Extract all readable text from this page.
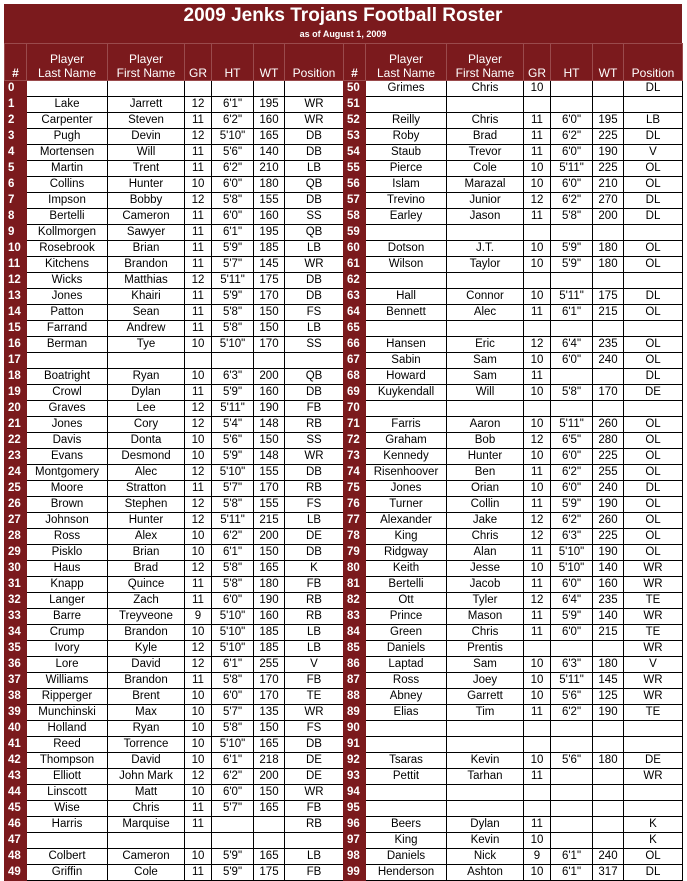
2009 Jenks Trojans Football Roster
as of August 1, 2009
#	Player
Last Name	Player
First Name	GR	HT	WT	Position
0						
1	Lake	Jarrett	12	6'1"	195	WR
2	Carpenter	Steven	11	6'2"	160	WR
3	Pugh	Devin	12	5'10"	165	DB
4	Mortensen	Will	11	5'6"	140	DB
5	Martin	Trent	11	6'2"	210	LB
6	Collins	Hunter	10	6'0"	180	QB
7	Impson	Bobby	12	5'8"	155	DB
8	Bertelli	Cameron	11	6'0"	160	SS
9	Kollmorgen	Sawyer	11	6'1"	195	QB
10	Rosebrook	Brian	11	5'9"	185	LB
11	Kitchens	Brandon	11	5'7"	145	WR
12	Wicks	Matthias	12	5'11"	175	DB
13	Jones	Khairi	11	5'9"	170	DB
14	Patton	Sean	11	5'8"	150	FS
15	Farrand	Andrew	11	5'8"	150	LB
16	Berman	Tye	10	5'10"	170	SS
17						
18	Boatright	Ryan	10	6'3"	200	QB
19	Crowl	Dylan	11	5'9"	160	DB
20	Graves	Lee	12	5'11"	190	FB
21	Jones	Cory	12	5'4"	148	RB
22	Davis	Donta	10	5'6"	150	SS
23	Evans	Desmond	10	5'9"	148	WR
24	Montgomery	Alec	12	5'10"	155	DB
25	Moore	Stratton	11	5'7"	170	RB
26	Brown	Stephen	12	5'8"	155	FS
27	Johnson	Hunter	12	5'11"	215	LB
28	Ross	Alex	10	6'2"	200	DE
29	Pisklo	Brian	10	6'1"	150	DB
30	Haus	Brad	12	5'8"	165	K
31	Knapp	Quince	11	5'8"	180	FB
32	Langer	Zach	11	6'0"	190	RB
33	Barre	Treyveone	9	5'10"	160	RB
34	Crump	Brandon	10	5'10"	185	LB
35	Ivory	Kyle	12	5'10"	185	LB
36	Lore	David	12	6'1"	255	V
37	Williams	Brandon	11	5'8"	170	FB
38	Ripperger	Brent	10	6'0"	170	TE
39	Munchinski	Max	10	5'7"	135	WR
40	Holland	Ryan	10	5'8"	150	FS
41	Reed	Torrence	10	5'10"	165	DB
42	Thompson	David	10	6'1"	218	DE
43	Elliott	John Mark	12	6'2"	200	DE
44	Linscott	Matt	10	6'0"	150	WR
45	Wise	Chris	11	5'7"	165	FB
46	Harris	Marquise	11			RB
47						
48	Colbert	Cameron	10	5'9"	165	LB
49	Griffin	Cole	11	5'9"	175	FB
#	Player
Last Name	Player
First Name	GR	HT	WT	Position
50	Grimes	Chris	10			DL
51						
52	Reilly	Chris	11	6'0"	195	LB
53	Roby	Brad	11	6'2"	225	DL
54	Staub	Trevor	11	6'0"	190	V
55	Pierce	Cole	10	5'11"	225	OL
56	Islam	Marazal	10	6'0"	210	OL
57	Trevino	Junior	12	6'2"	270	DL
58	Earley	Jason	11	5'8"	200	DL
59						
60	Dotson	J.T.	10	5'9"	180	OL
61	Wilson	Taylor	10	5'9"	180	OL
62						
63	Hall	Connor	10	5'11"	175	DL
64	Bennett	Alec	11	6'1"	215	OL
65						
66	Hansen	Eric	12	6'4"	235	OL
67	Sabin	Sam	10	6'0"	240	OL
68	Howard	Sam	11			DL
69	Kuykendall	Will	10	5'8"	170	DE
70						
71	Farris	Aaron	10	5'11"	260	OL
72	Graham	Bob	12	6'5"	280	OL
73	Kennedy	Hunter	10	6'0"	225	OL
74	Risenhoover	Ben	11	6'2"	255	OL
75	Jones	Orian	10	6'0"	240	DL
76	Turner	Collin	11	5'9"	190	OL
77	Alexander	Jake	12	6'2"	260	OL
78	King	Chris	12	6'3"	225	OL
79	Ridgway	Alan	11	5'10"	190	OL
80	Keith	Jesse	10	5'10"	140	WR
81	Bertelli	Jacob	11	6'0"	160	WR
82	Ott	Tyler	12	6'4"	235	TE
83	Prince	Mason	11	5'9"	140	WR
84	Green	Chris	11	6'0"	215	TE
85	Daniels	Prentis				WR
86	Laptad	Sam	10	6'3"	180	V
87	Ross	Joey	10	5'11"	145	WR
88	Abney	Garrett	10	5'6"	125	WR
89	Elias	Tim	11	6'2"	190	TE
90						
91						
92	Tsaras	Kevin	10	5'6"	180	DE
93	Pettit	Tarhan	11			WR
94						
95						
96	Beers	Dylan	11			K
97	King	Kevin	10			K
98	Daniels	Nick	9	6'1"	240	OL
99	Henderson	Ashton	10	6'1"	317	DL
